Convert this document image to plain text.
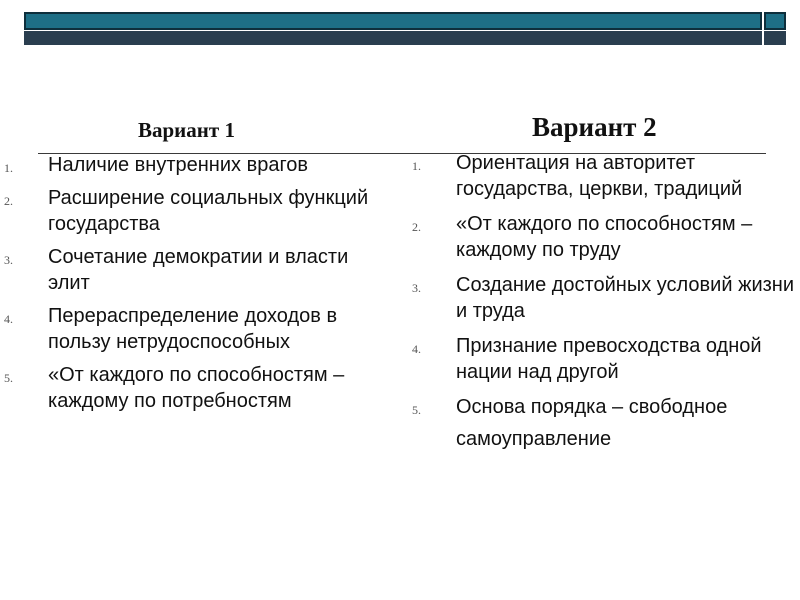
Вариант 1	Вариант 2
1. Наличие внутренних врагов
2. Расширение социальных функций государства
3. Сочетание демократии и власти элит
4. Перераспределение доходов в пользу нетрудоспособных
5. «От каждого по способностям – каждому по потребностям
1. Ориентация на авторитет государства, церкви, традиций
2. «От каждого по способностям – каждому по труду
3. Создание достойных условий жизни и труда
4. Признание превосходства одной нации над другой
5. Основа порядка – свободное
самоуправление
